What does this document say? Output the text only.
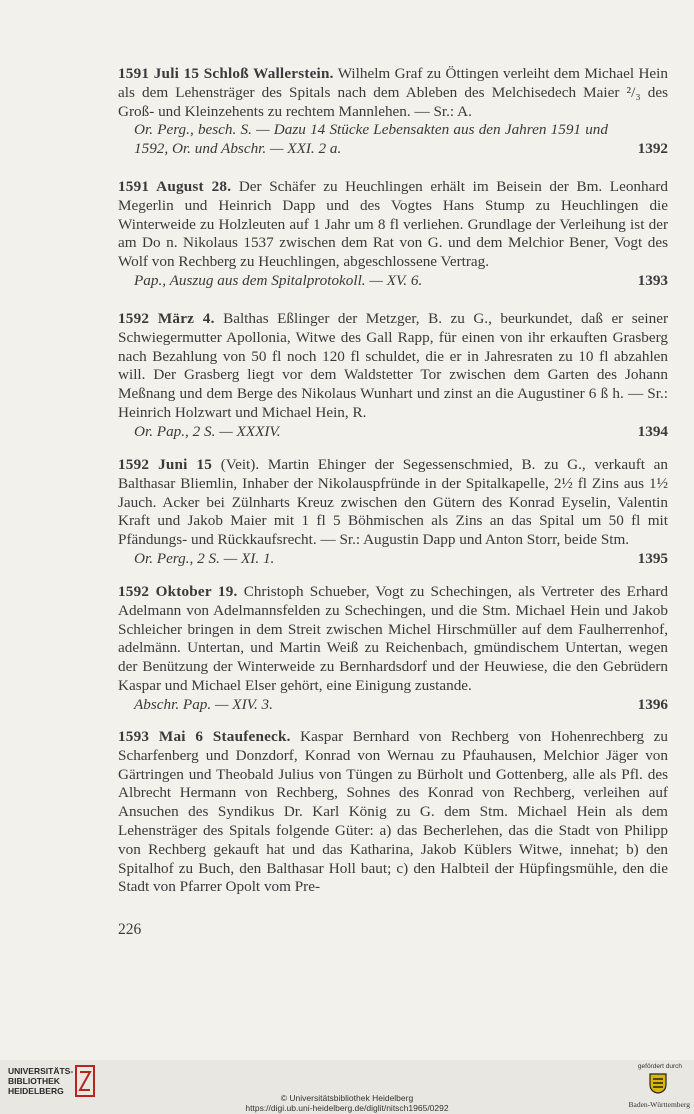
1591 Juli 15 Schloß Wallerstein. Wilhelm Graf zu Öttingen verleiht dem Michael Hein als dem Lehensträger des Spitals nach dem Ableben des Melchisedech Maier ²/₃ des Groß- und Kleinzehents zu rechtem Mannlehen. — Sr.: A.
Or. Perg., besch. S. — Dazu 14 Stücke Lebensakten aus den Jahren 1591 und 1592, Or. und Abschr. — XXI. 2 a.	1392
1591 August 28. Der Schäfer zu Heuchlingen erhält im Beisein der Bm. Leonhard Megerlin und Heinrich Dapp und des Vogtes Hans Stump zu Heuchlingen die Winterweide zu Holzleuten auf 1 Jahr um 8 fl verliehen. Grundlage der Verleihung ist der am Do n. Nikolaus 1537 zwischen dem Rat von G. und dem Melchior Bener, Vogt des Wolf von Rechberg zu Heuchlingen, abgeschlossene Vertrag.
Pap., Auszug aus dem Spitalprotokoll. — XV. 6.	1393
1592 März 4. Balthas Eßlinger der Metzger, B. zu G., beurkundet, daß er seiner Schwiegermutter Apollonia, Witwe des Gall Rapp, für einen von ihr erkauften Grasberg nach Bezahlung von 50 fl noch 120 fl schuldet, die er in Jahresraten zu 10 fl abzahlen will. Der Grasberg liegt vor dem Waldstetter Tor zwischen dem Garten des Johann Meßnang und dem Berge des Nikolaus Wunhart und zinst an die Augustiner 6 ß h. — Sr.: Heinrich Holzwart und Michael Hein, R.
Or. Pap., 2 S. — XXXIV.	1394
1592 Juni 15 (Veit). Martin Ehinger der Segessenschmied, B. zu G., verkauft an Balthasar Bliemlin, Inhaber der Nikolauspfründe in der Spitalkapelle, 2½ fl Zins aus 1½ Jauch. Acker bei Zülnharts Kreuz zwischen den Gütern des Konrad Eyselin, Valentin Kraft und Jakob Maier mit 1 fl 5 Böhmischen als Zins an das Spital um 50 fl mit Pfändungs- und Rückkaufsrecht. — Sr.: Augustin Dapp und Anton Storr, beide Stm.
Or. Perg., 2 S. — XI. 1.	1395
1592 Oktober 19. Christoph Schueber, Vogt zu Schechingen, als Vertreter des Erhard Adelmann von Adelmannsfelden zu Schechingen, und die Stm. Michael Hein und Jakob Schleicher bringen in dem Streit zwischen Michel Hirschmüller auf dem Faulherrenhof, adelmänn. Untertan, und Martin Weiß zu Reichenbach, gmündischem Untertan, wegen der Benützung der Winterweide zu Bernhardsdorf und der Heuwiese, die den Gebrüdern Kaspar und Michael Elser gehört, eine Einigung zustande.
Abschr. Pap. — XIV. 3.	1396
1593 Mai 6 Staufeneck. Kaspar Bernhard von Rechberg von Hohenrechberg zu Scharfenberg und Donzdorf, Konrad von Wernau zu Pfauhausen, Melchior Jäger von Gärtringen und Theobald Julius von Tüngen zu Bürholt und Gottenberg, alle als Pfl. des Albrecht Hermann von Rechberg, Sohnes des Konrad von Rechberg, verleihen auf Ansuchen des Syndikus Dr. Karl König zu G. dem Stm. Michael Hein als dem Lehensträger des Spitals folgende Güter: a) das Becherlehen, das die Stadt von Philipp von Rechberg gekauft hat und das Katharina, Jakob Küblers Witwe, innehat; b) den Spitalhof zu Buch, den Balthasar Holl baut; c) den Halbteil der Hüpfingsmühle, den die Stadt von Pfarrer Opolt vom Pre-
226
UNIVERSITÄTS-
BIBLIOTHEK
HEIDELBERG
© Universitätsbibliothek Heidelberg
https://digi.ub.uni-heidelberg.de/diglit/nitsch1965/0292
gefördert durch
Baden-Württemberg
